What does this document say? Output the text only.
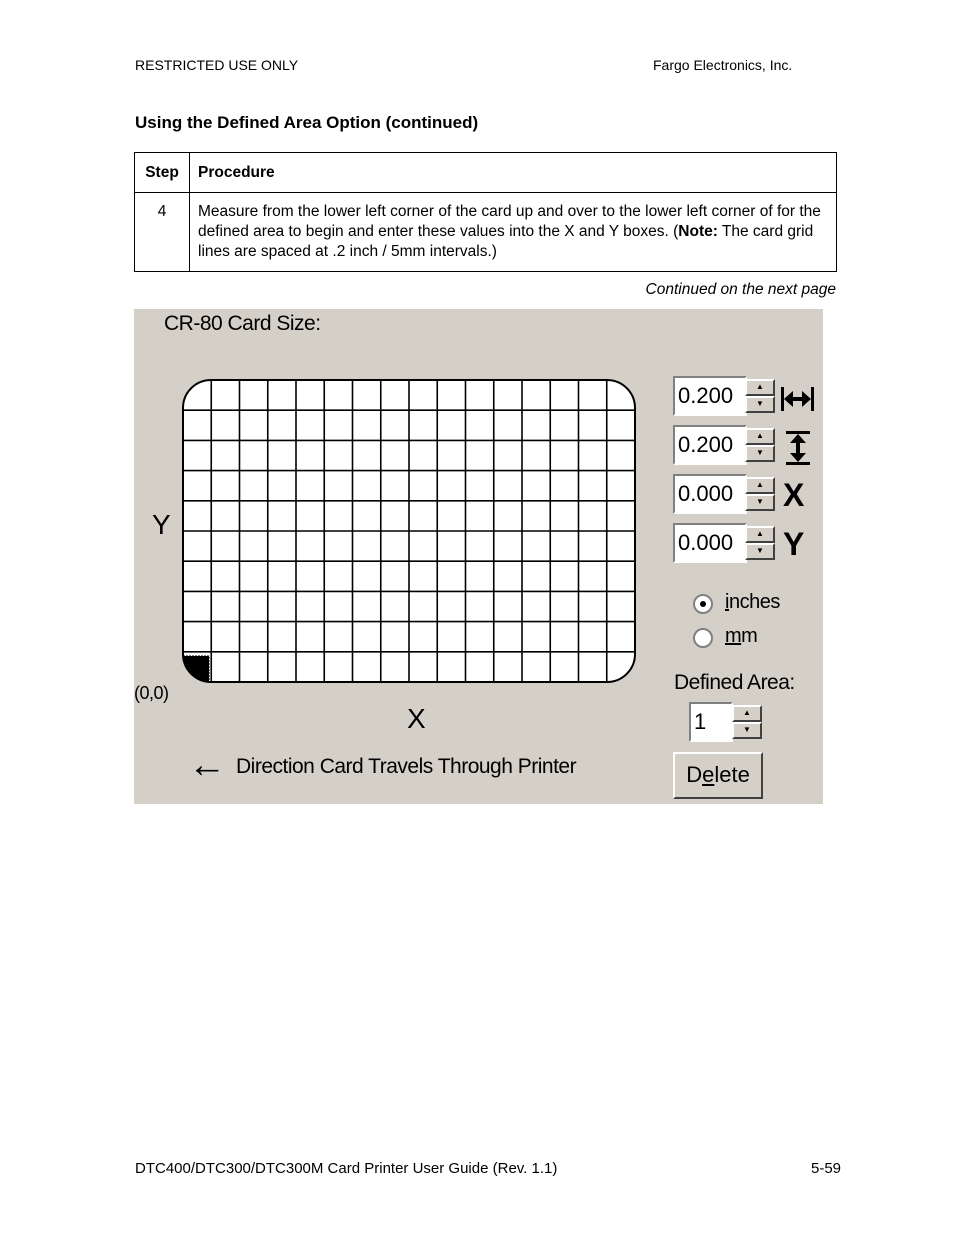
RESTRICTED USE ONLY	Fargo Electronics, Inc.
Using the Defined Area Option (continued)
Step	Procedure
4	Measure from the lower left corner of the card up and over to the lower left corner of for the defined area to begin and enter these values into the X and Y boxes. (Note: The card grid lines are spaced at .2 inch / 5mm intervals.)
Continued on the next page
CR-80 Card Size:
Y
(0,0)
X
← Direction Card Travels Through Printer
0.200	▲
▼
0.200	▲
▼
0.000	▲
▼
0.000	▲
▼
X
Y
inches
mm
Defined Area:
1	▲
▼
Delete
DTC400/DTC300/DTC300M Card Printer User Guide (Rev. 1.1)	5-59
